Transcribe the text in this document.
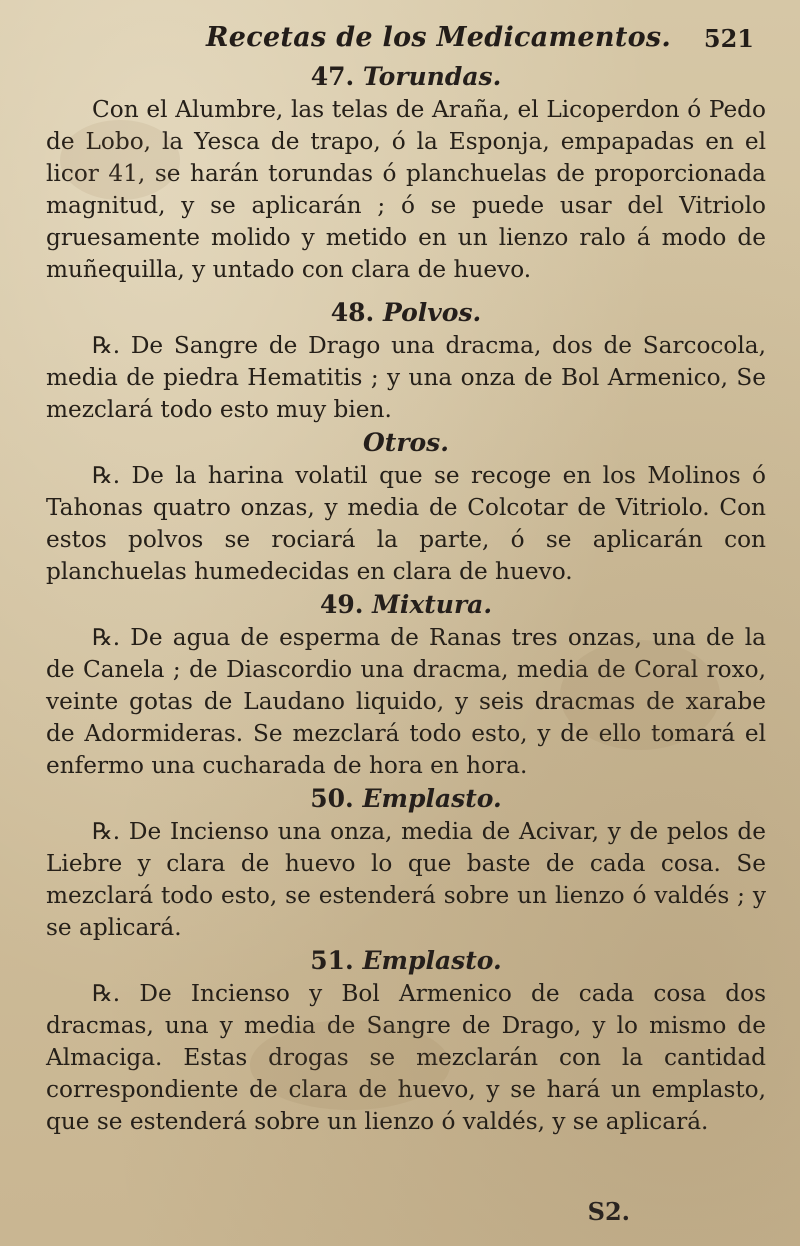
Recetas de los Medicamentos. 521
47. Torundas.

Con el Alumbre, las telas de Araña, el Licoperdon ó Pedo de Lobo, la Yesca de trapo, ó la Esponja, empapadas en el licor 41, se harán torundas ó planchuelas de proporcionada magnitud, y se aplicarán ; ó se puede usar del Vitriolo gruesamente molido y metido en un lienzo ralo á modo de muñequilla, y untado con clara de huevo.

48. Polvos.

℞. De Sangre de Drago una dracma, dos de Sarcocola, media de piedra Hematitis ; y una onza de Bol Armenico, Se mezclará todo esto muy bien.

Otros.

℞. De la harina volatil que se recoge en los Molinos ó Tahonas quatro onzas, y media de Colcotar de Vitriolo. Con estos polvos se rociará la parte, ó se aplicarán con planchuelas humedecidas en clara de huevo.

49. Mixtura.

℞. De agua de esperma de Ranas tres onzas, una de la de Canela ; de Diascordio una dracma, media de Coral roxo, veinte gotas de Laudano liquido, y seis dracmas de xarabe de Adormideras. Se mezclará todo esto, y de ello tomará el enfermo una cucharada de hora en hora.

50. Emplasto.

℞. De Incienso una onza, media de Acivar, y de pelos de Liebre y clara de huevo lo que baste de cada cosa. Se mezclará todo esto, se estenderá sobre un lienzo ó valdés ; y se aplicará.

51. Emplasto.

℞. De Incienso y Bol Armenico de cada cosa dos dracmas, una y media de Sangre de Drago, y lo mismo de Almaciga. Estas drogas se mezclarán con la cantidad correspondiente de clara de huevo, y se hará un emplasto, que se estenderá sobre un lienzo ó valdés, y se aplicará.

S2.
